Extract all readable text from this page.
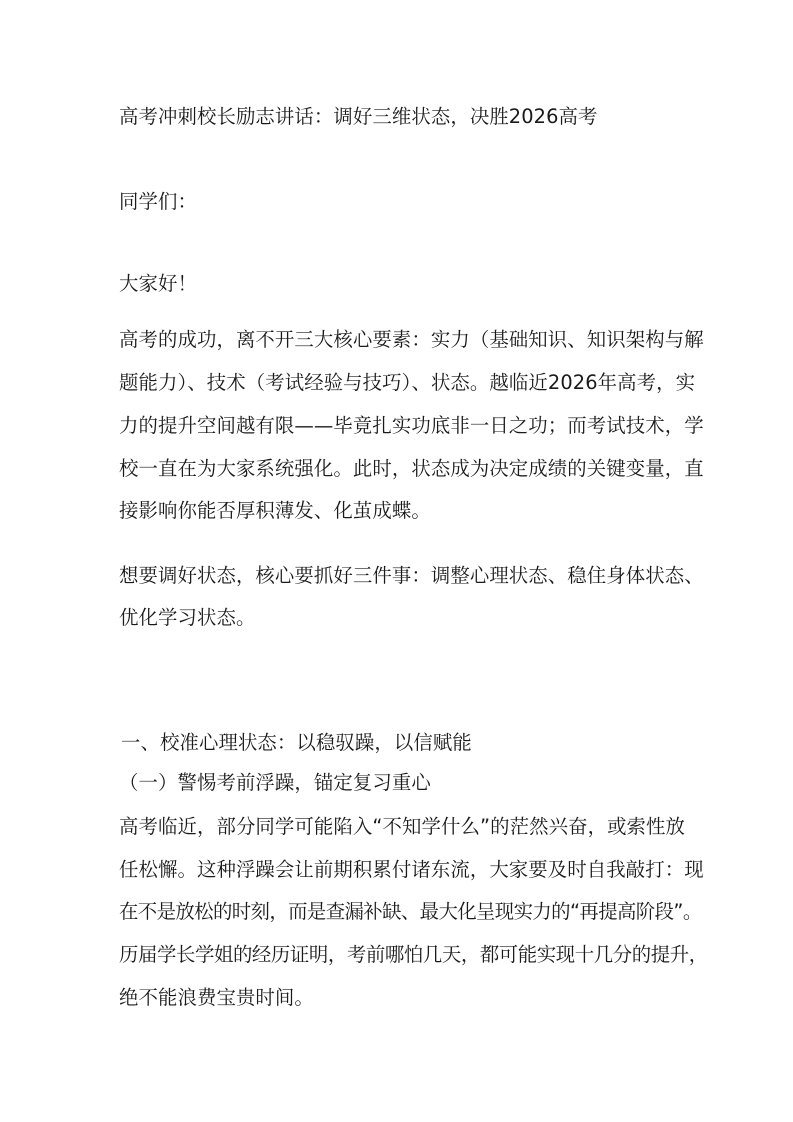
高考冲刺校长励志讲话：调好三维状态，决胜2026高考
同学们：
大家好！
高考的成功，离不开三大核心要素：实力（基础知识、知识架构与解
题能力）、技术（考试经验与技巧）、状态。越临近2026年高考，实
力的提升空间越有限——毕竟扎实功底非一日之功；而考试技术，学
校一直在为大家系统强化。此时，状态成为决定成绩的关键变量，直
接影响你能否厚积薄发、化茧成蝶。
想要调好状态，核心要抓好三件事：调整心理状态、稳住身体状态、
优化学习状态。
一、校准心理状态：以稳驭躁，以信赋能
（一）警惕考前浮躁，锚定复习重心
高考临近，部分同学可能陷入“不知学什么”的茫然兴奋，或索性放
任松懈。这种浮躁会让前期积累付诸东流，大家要及时自我敲打：现
在不是放松的时刻，而是查漏补缺、最大化呈现实力的“再提高阶段”。
历届学长学姐的经历证明，考前哪怕几天，都可能实现十几分的提升，
绝不能浪费宝贵时间。
